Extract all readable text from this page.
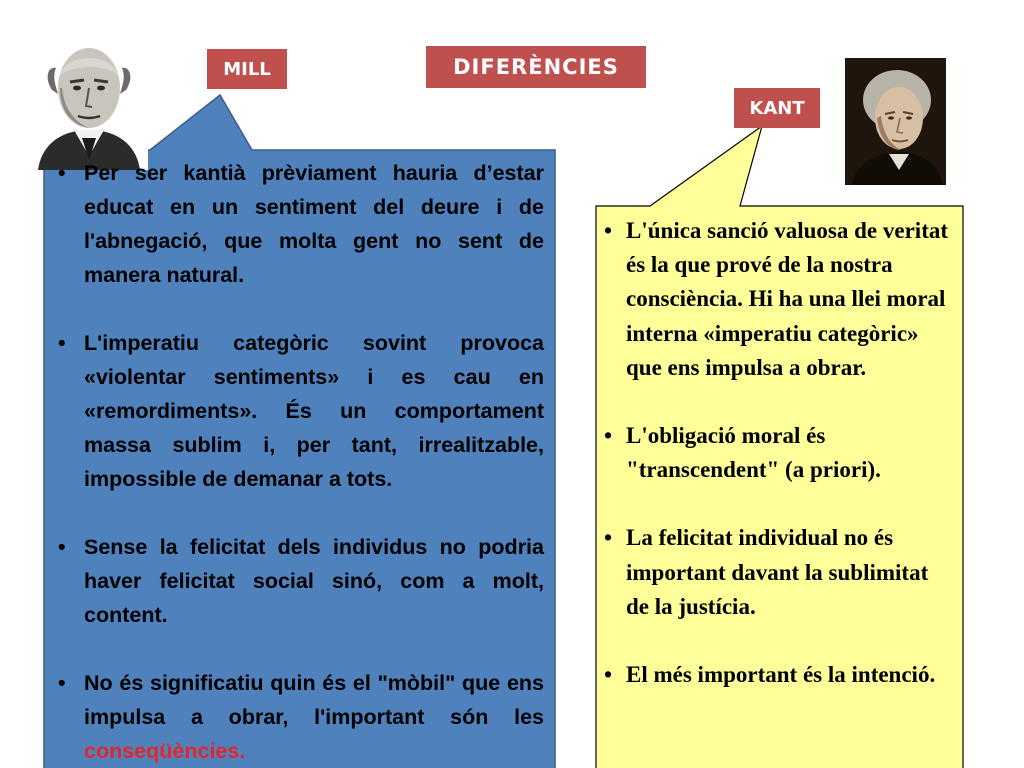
DIFERÈNCIES
MILL
KANT
• Per ser kantià prèviament hauria d’estar educat en un sentiment del deure i de l'abnegació, que molta gent no sent de manera natural.
• L'imperatiu categòric sovint provoca «violentar sentiments» i es cau en «remordiments». És un comportament massa sublim i, per tant, irrealitzable, impossible de demanar a tots.
• Sense la felicitat dels individus no podria haver felicitat social sinó, com a molt, content.
• No és significatiu quin és el "mòbil" que ens impulsa a obrar, l'important són les conseqüències.
• L'única sanció valuosa de veritat és la que prové de la nostra consciència. Hi ha una llei moral interna «imperatiu categòric» que ens impulsa a obrar.
• L'obligació moral és "transcendent" (a priori).
• La felicitat individual no és important davant la sublimitat de la justícia.
• El més important és la intenció.
